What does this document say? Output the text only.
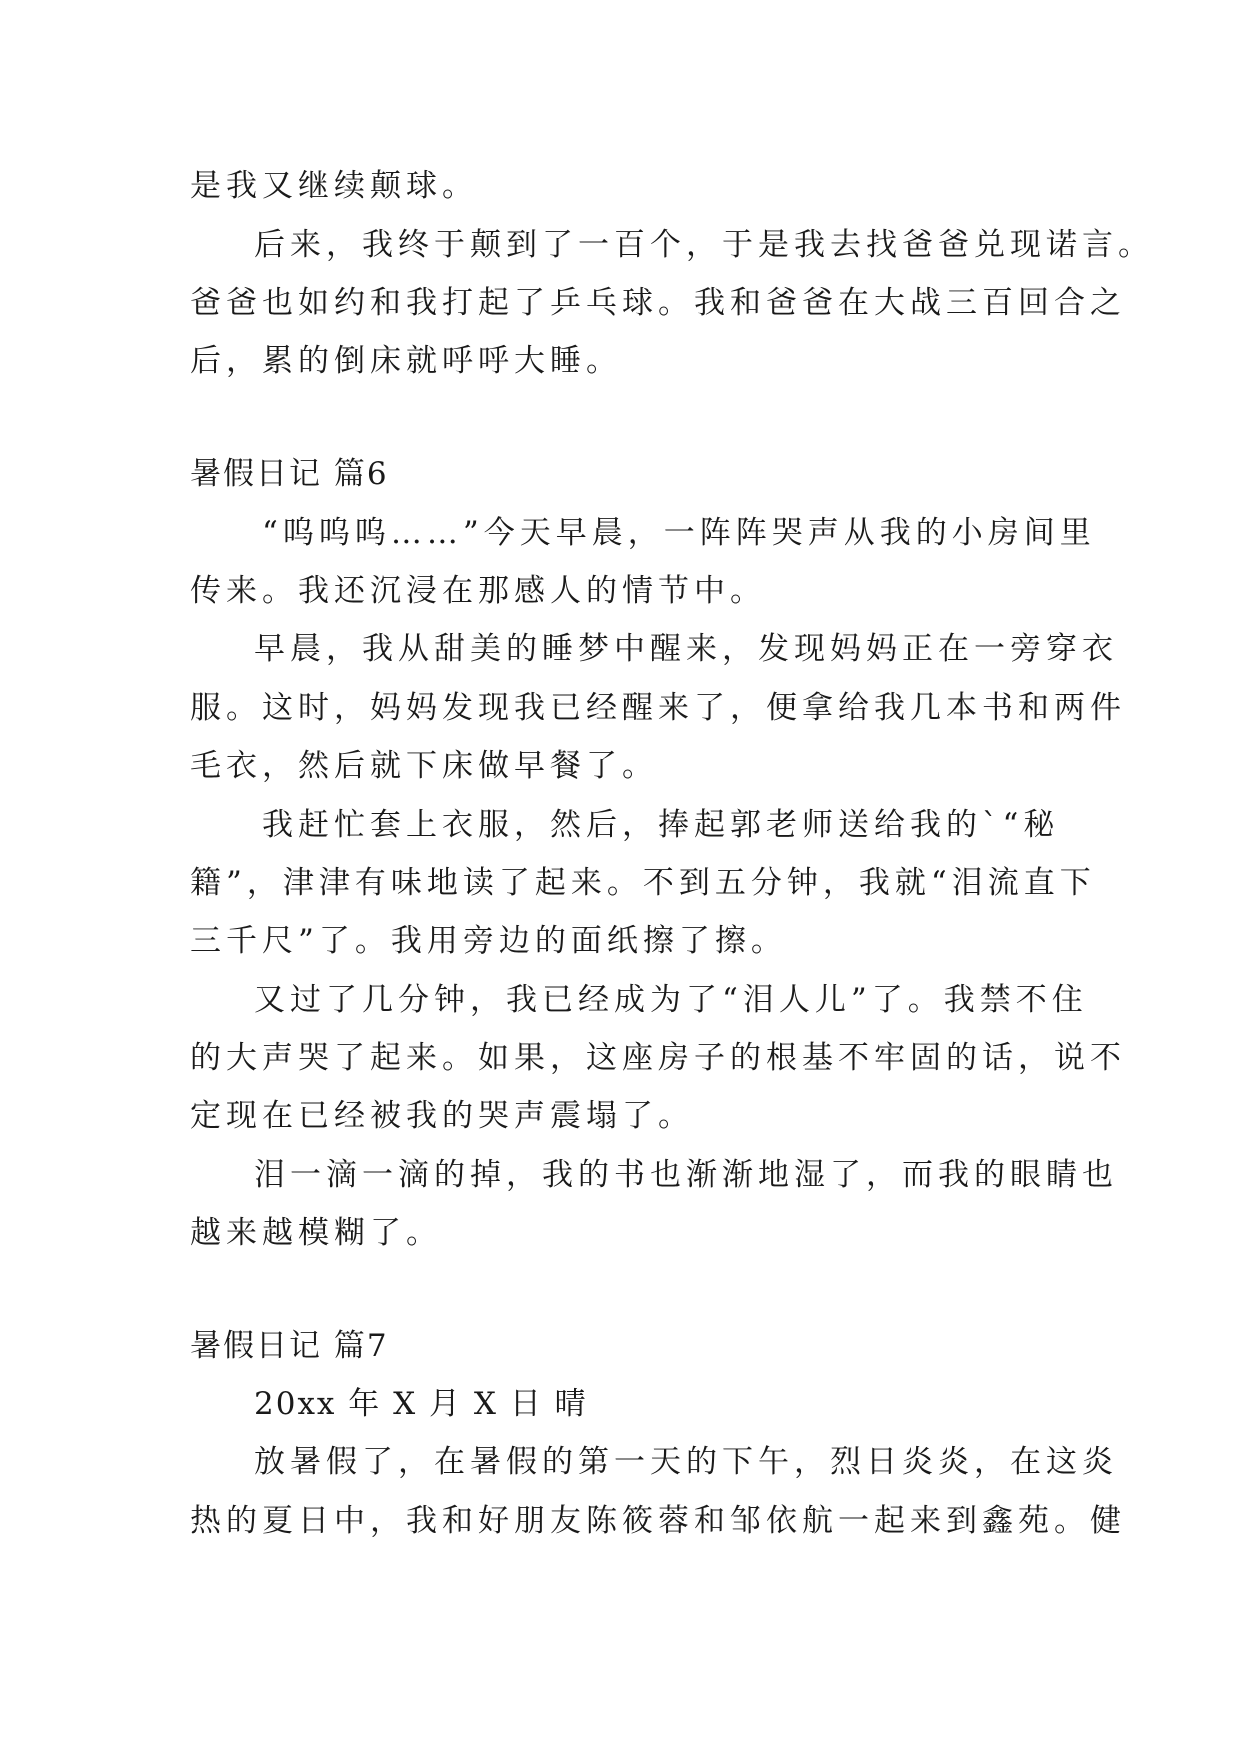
是我又继续颠球。
后来，我终于颠到了一百个，于是我去找爸爸兑现诺言。
爸爸也如约和我打起了乒乓球。我和爸爸在大战三百回合之
后，累的倒床就呼呼大睡。
暑假日记 篇6
“呜呜呜……”今天早晨，一阵阵哭声从我的小房间里
传来。我还沉浸在那感人的情节中。
早晨，我从甜美的睡梦中醒来，发现妈妈正在一旁穿衣
服。这时，妈妈发现我已经醒来了，便拿给我几本书和两件
毛衣，然后就下床做早餐了。
我赶忙套上衣服，然后，捧起郭老师送给我的`“秘
籍”，津津有味地读了起来。不到五分钟，我就“泪流直下
三千尺”了。我用旁边的面纸擦了擦。
又过了几分钟，我已经成为了“泪人儿”了。我禁不住
的大声哭了起来。如果，这座房子的根基不牢固的话，说不
定现在已经被我的哭声震塌了。
泪一滴一滴的掉，我的书也渐渐地湿了，而我的眼睛也
越来越模糊了。
暑假日记 篇7
20xx 年 X 月 X 日 晴
放暑假了，在暑假的第一天的下午，烈日炎炎，在这炎
热的夏日中，我和好朋友陈筱蓉和邹依航一起来到鑫苑。健
